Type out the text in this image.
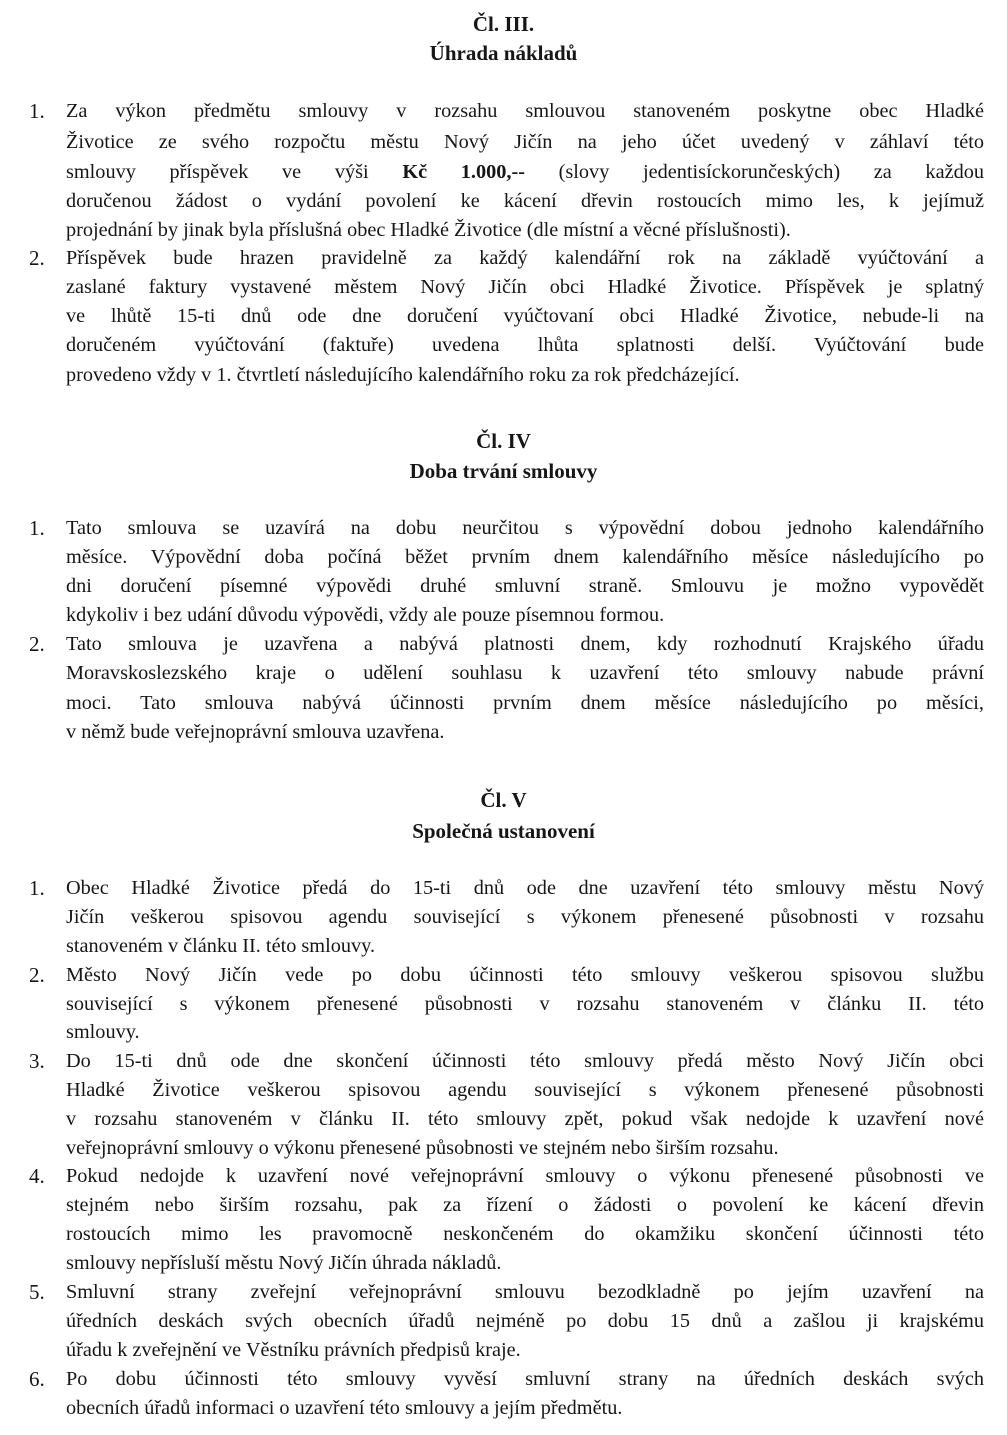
Čl. III.
Úhrada nákladů
1. Za výkon předmětu smlouvy v rozsahu smlouvou stanoveném poskytne obec Hladké
Životice ze svého rozpočtu městu Nový Jičín na jeho účet uvedený v záhlaví této
smlouvy příspěvek ve výši Kč 1.000,-- (slovy jedentisíckorunčeských) za každou
doručenou žádost o vydání povolení ke kácení dřevin rostoucích mimo les, k jejímuž
projednání by jinak byla příslušná obec Hladké Životice (dle místní a věcné příslušnosti).
2. Příspěvek bude hrazen pravidelně za každý kalendářní rok na základě vyúčtování a
zaslané faktury vystavené městem Nový Jičín obci Hladké Životice. Příspěvek je splatný
ve lhůtě 15-ti dnů ode dne doručení vyúčtovaní obci Hladké Životice, nebude-li na
doručeném vyúčtování (faktuře) uvedena lhůta splatnosti delší. Vyúčtování bude
provedeno vždy v 1. čtvrtletí následujícího kalendářního roku za rok předcházející.
Čl. IV
Doba trvání smlouvy
1. Tato smlouva se uzavírá na dobu neurčitou s výpovědní dobou jednoho kalendářního
měsíce. Výpovědní doba počíná běžet prvním dnem kalendářního měsíce následujícího po
dni doručení písemné výpovědi druhé smluvní straně. Smlouvu je možno vypovědět
kdykoliv i bez udání důvodu výpovědi, vždy ale pouze písemnou formou.
2. Tato smlouva je uzavřena a nabývá platnosti dnem, kdy rozhodnutí Krajského úřadu
Moravskoslezského kraje o udělení souhlasu k uzavření této smlouvy nabude právní
moci. Tato smlouva nabývá účinnosti prvním dnem měsíce následujícího po měsíci,
v němž bude veřejnoprávní smlouva uzavřena.
Čl. V
Společná ustanovení
1. Obec Hladké Životice předá do 15-ti dnů ode dne uzavření této smlouvy městu Nový
Jičín veškerou spisovou agendu související s výkonem přenesené působnosti v rozsahu
stanoveném v článku II. této smlouvy.
2. Město Nový Jičín vede po dobu účinnosti této smlouvy veškerou spisovou službu
související s výkonem přenesené působnosti v rozsahu stanoveném v článku II. této
smlouvy.
3. Do 15-ti dnů ode dne skončení účinnosti této smlouvy předá město Nový Jičín obci
Hladké Životice veškerou spisovou agendu související s výkonem přenesené působnosti
v rozsahu stanoveném v článku II. této smlouvy zpět, pokud však nedojde k uzavření nové
veřejnoprávní smlouvy o výkonu přenesené působnosti ve stejném nebo širším rozsahu.
4. Pokud nedojde k uzavření nové veřejnoprávní smlouvy o výkonu přenesené působnosti ve
stejném nebo širším rozsahu, pak za řízení o žádosti o povolení ke kácení dřevin
rostoucích mimo les pravomocně neskončeném do okamžiku skončení účinnosti této
smlouvy nepřísluší městu Nový Jičín úhrada nákladů.
5. Smluvní strany zveřejní veřejnoprávní smlouvu bezodkladně po jejím uzavření na
úředních deskách svých obecních úřadů nejméně po dobu 15 dnů a zašlou ji krajskému
úřadu k zveřejnění ve Věstníku právních předpisů kraje.
6. Po dobu účinnosti této smlouvy vyvěsí smluvní strany na úředních deskách svých
obecních úřadů informaci o uzavření této smlouvy a jejím předmětu.
